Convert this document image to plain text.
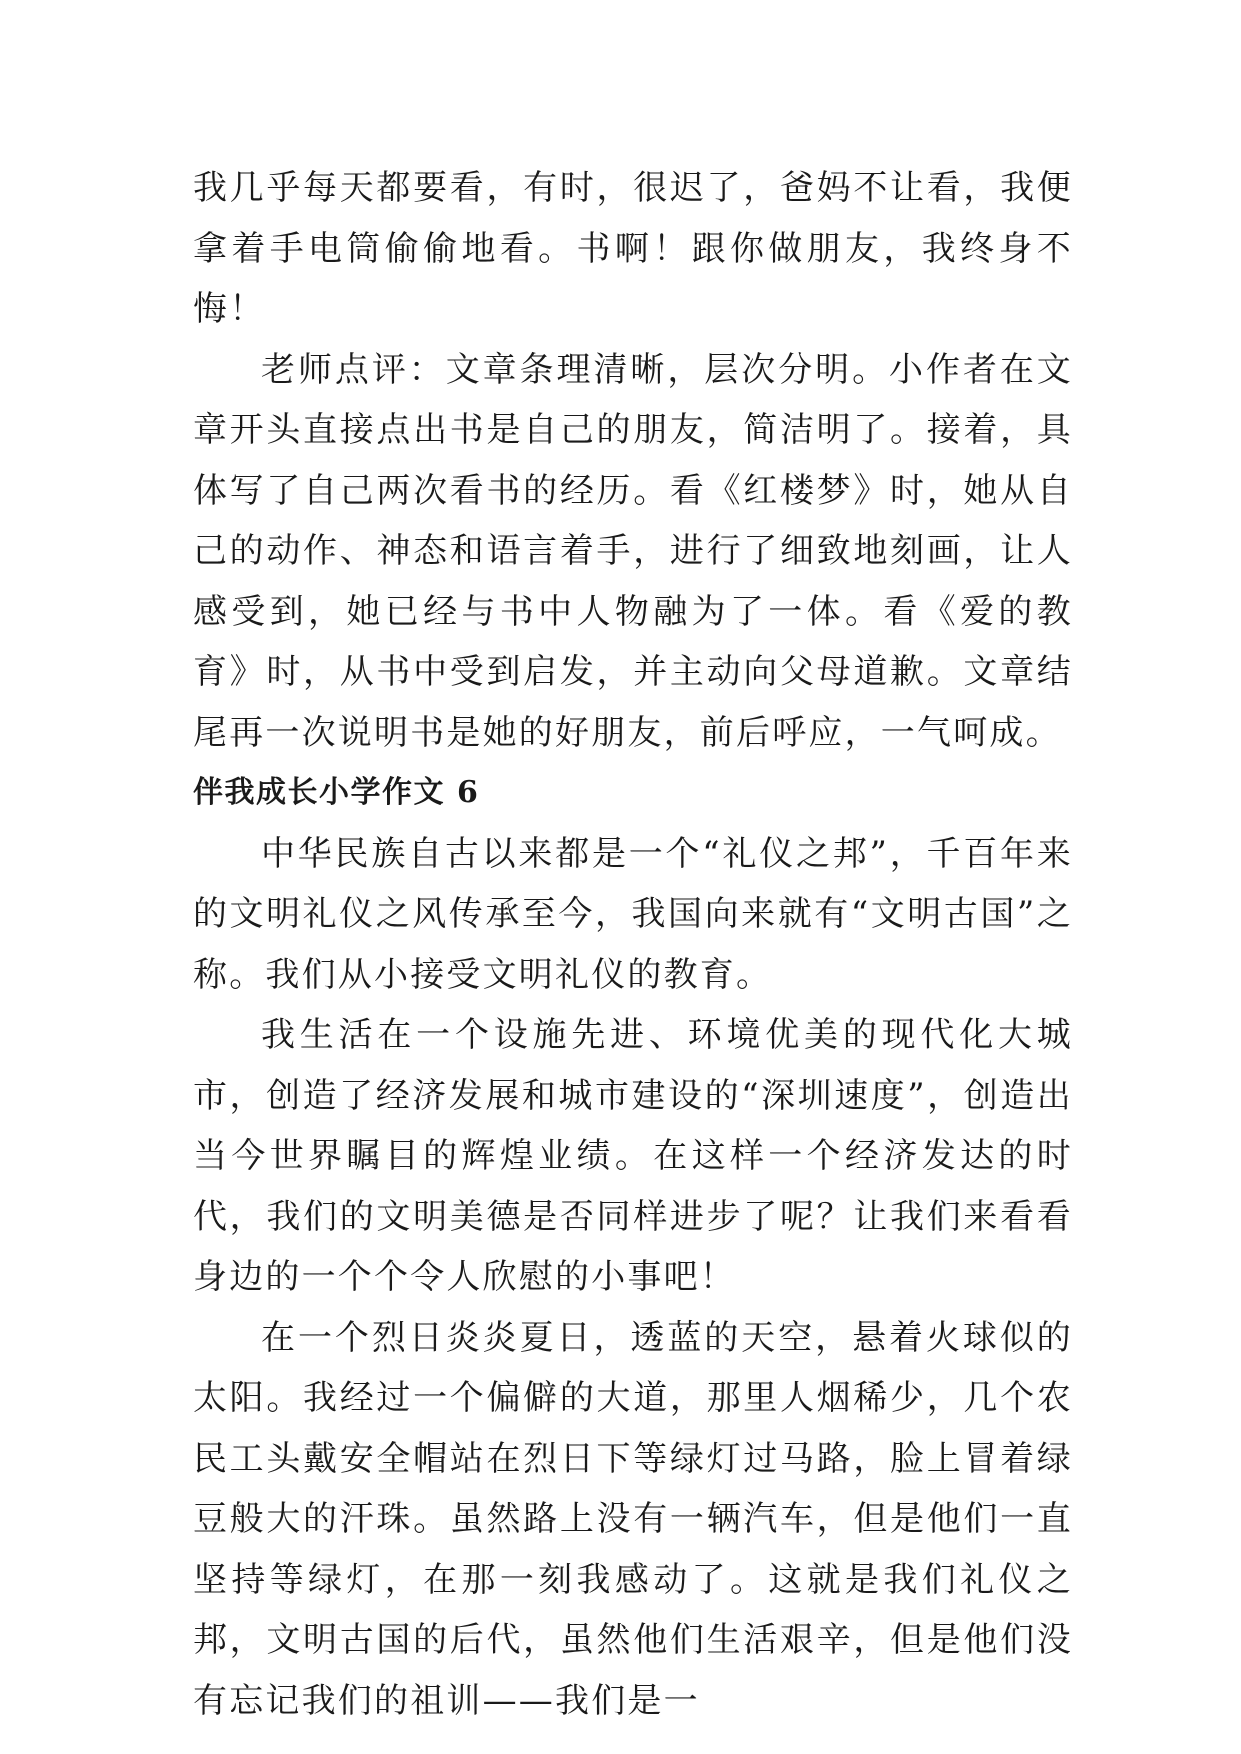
我几乎每天都要看，有时，很迟了，爸妈不让看，我便拿着手电筒偷偷地看。书啊！跟你做朋友，我终身不悔！

老师点评：文章条理清晰，层次分明。小作者在文章开头直接点出书是自己的朋友，简洁明了。接着，具体写了自己两次看书的经历。看《红楼梦》时，她从自己的动作、神态和语言着手，进行了细致地刻画，让人感受到，她已经与书中人物融为了一体。看《爱的教育》时，从书中受到启发，并主动向父母道歉。文章结尾再一次说明书是她的好朋友，前后呼应，一气呵成。

伴我成长小学作文 6

中华民族自古以来都是一个“礼仪之邦”，千百年来的文明礼仪之风传承至今，我国向来就有“文明古国”之称。我们从小接受文明礼仪的教育。

我生活在一个设施先进、环境优美的现代化大城市，创造了经济发展和城市建设的“深圳速度”，创造出当今世界瞩目的辉煌业绩。在这样一个经济发达的时代，我们的文明美德是否同样进步了呢？让我们来看看身边的一个个令人欣慰的小事吧！

在一个烈日炎炎夏日，透蓝的天空，悬着火球似的太阳。我经过一个偏僻的大道，那里人烟稀少，几个农民工头戴安全帽站在烈日下等绿灯过马路，脸上冒着绿豆般大的汗珠。虽然路上没有一辆汽车，但是他们一直坚持等绿灯，在那一刻我感动了。这就是我们礼仪之邦，文明古国的后代，虽然他们生活艰辛，但是他们没有忘记我们的祖训——我们是一
